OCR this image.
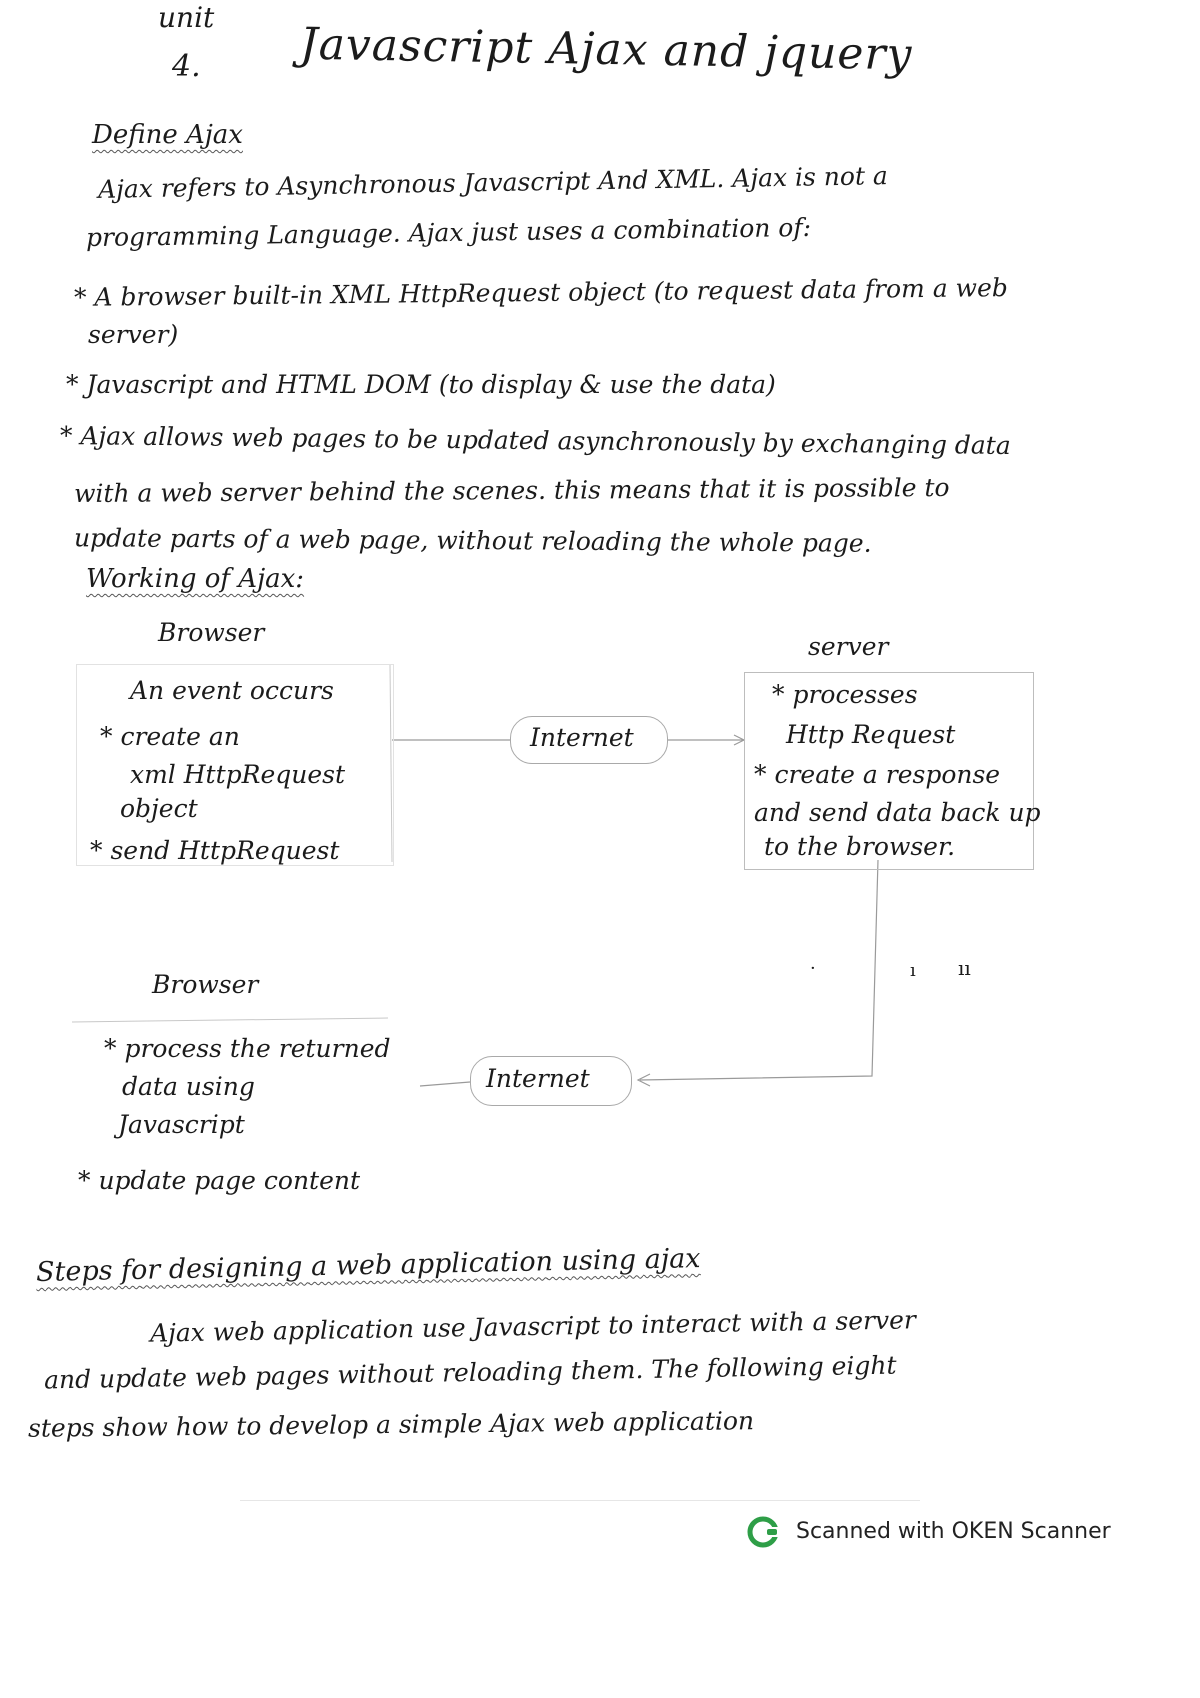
unit
4. Javascript Ajax and jquery
Define Ajax
Ajax refers to Asynchronous Javascript And XML. Ajax is not a
programming Language. Ajax just uses a combination of:
* A browser built-in XML HttpRequest object (to request data from a web
server)
* Javascript and HTML DOM (to display & use the data)
* Ajax allows web pages to be updated asynchronously by exchanging data
with a web server behind the scenes. this means that it is possible to
update parts of a web page, without reloading the whole page.
Working of Ajax:
Browser
An event occurs
* create an
xml HttpRequest
object
* send HttpRequest
Internet
server
* processes
Http Request
* create a response
and send data back up
to the browser.
·	ı ıı
Browser
* process the returned
data using
Javascript
* update page content
Internet
Steps for designing a web application using ajax
Ajax web application use Javascript to interact with a server
and update web pages without reloading them. The following eight
steps show how to develop a simple Ajax web application
Scanned with OKEN Scanner
